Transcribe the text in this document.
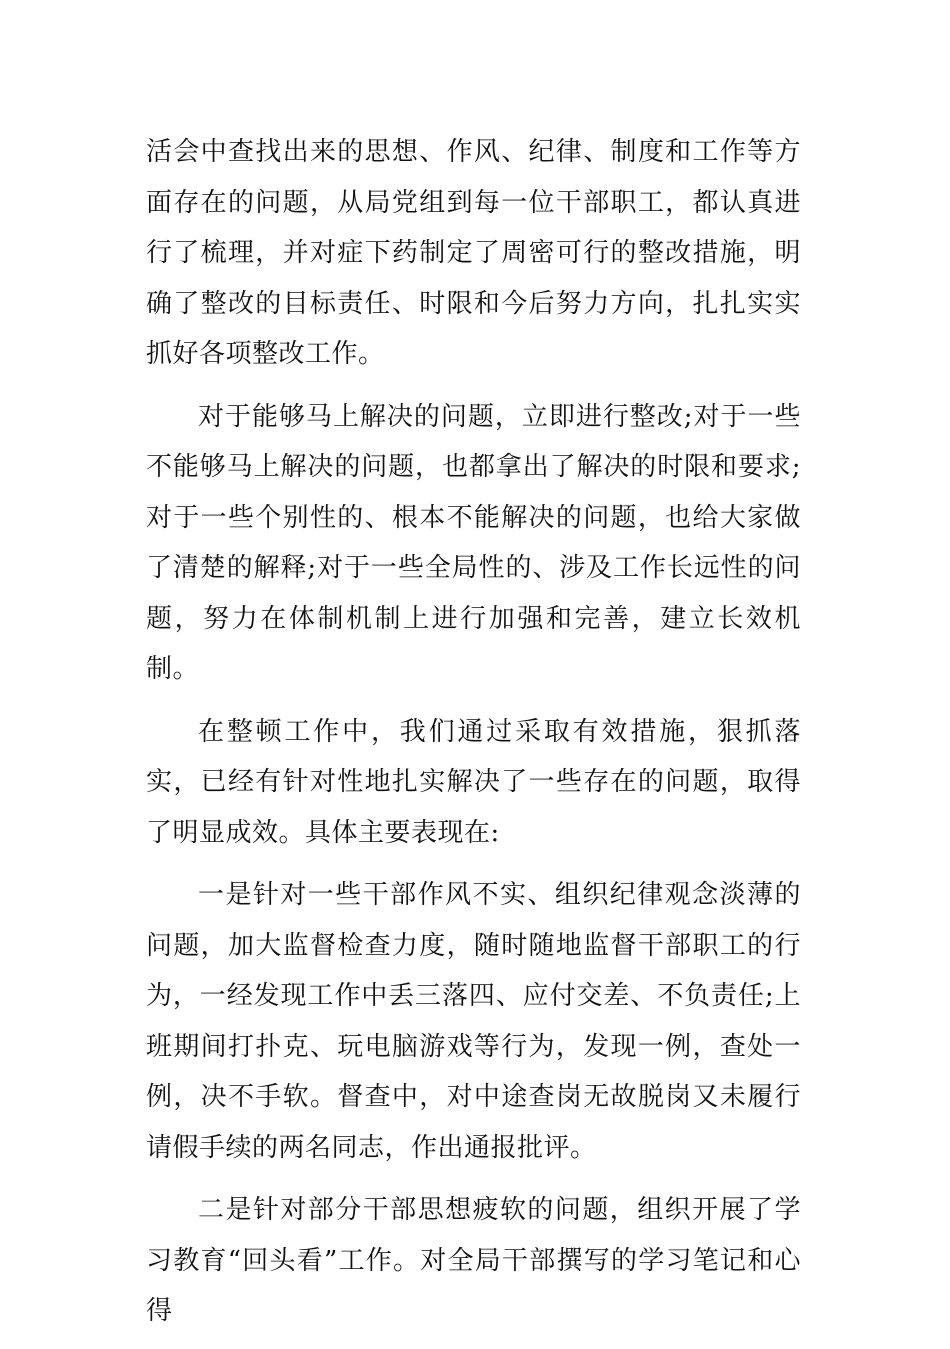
活会中查找出来的思想、作风、纪律、制度和工作等方面存在的问题，从局党组到每一位干部职工，都认真进行了梳理，并对症下药制定了周密可行的整改措施，明确了整改的目标责任、时限和今后努力方向，扎扎实实抓好各项整改工作。

对于能够马上解决的问题，立即进行整改;对于一些不能够马上解决的问题，也都拿出了解决的时限和要求;对于一些个别性的、根本不能解决的问题，也给大家做了清楚的解释;对于一些全局性的、涉及工作长远性的问题，努力在体制机制上进行加强和完善，建立长效机制。

在整顿工作中，我们通过采取有效措施，狠抓落实，已经有针对性地扎实解决了一些存在的问题，取得了明显成效。具体主要表现在:

一是针对一些干部作风不实、组织纪律观念淡薄的问题，加大监督检查力度，随时随地监督干部职工的行为，一经发现工作中丢三落四、应付交差、不负责任;上班期间打扑克、玩电脑游戏等行为，发现一例，查处一例，决不手软。督查中，对中途查岗无故脱岗又未履行请假手续的两名同志，作出通报批评。

二是针对部分干部思想疲软的问题，组织开展了学习教育“回头看”工作。对全局干部撰写的学习笔记和心得
